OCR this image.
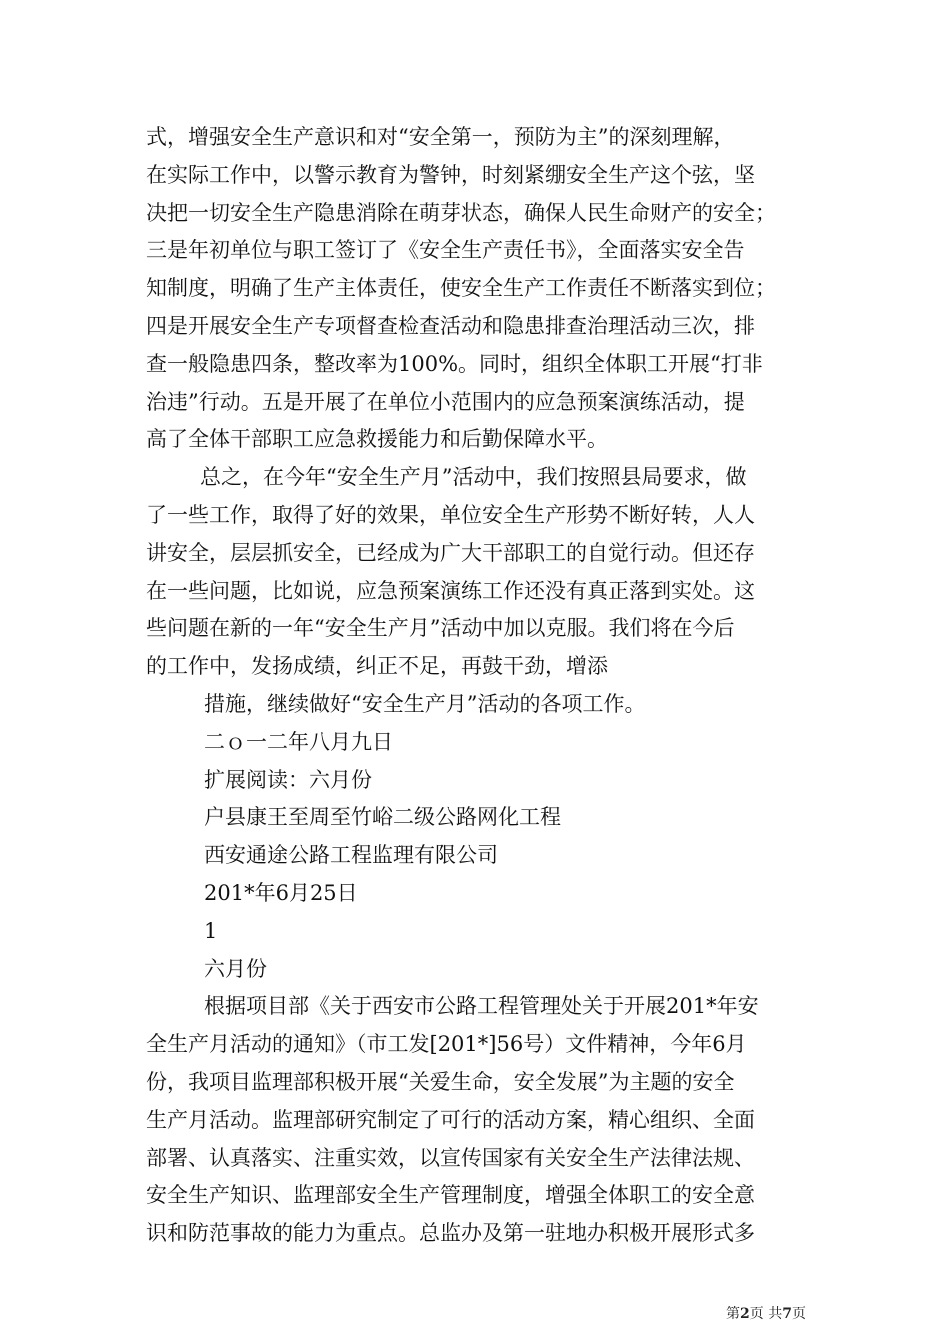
式，增强安全生产意识和对“安全第一，预防为主”的深刻理解，
在实际工作中，以警示教育为警钟，时刻紧绷安全生产这个弦，坚
决把一切安全生产隐患消除在萌芽状态，确保人民生命财产的安全；
三是年初单位与职工签订了《安全生产责任书》，全面落实安全告
知制度，明确了生产主体责任，使安全生产工作责任不断落实到位；
四是开展安全生产专项督查检查活动和隐患排查治理活动三次，排
查一般隐患四条，整改率为100%。同时，组织全体职工开展“打非
治违”行动。五是开展了在单位小范围内的应急预案演练活动，提
高了全体干部职工应急救援能力和后勤保障水平。
总之，在今年“安全生产月”活动中，我们按照县局要求，做
了一些工作，取得了好的效果，单位安全生产形势不断好转，人人
讲安全，层层抓安全，已经成为广大干部职工的自觉行动。但还存
在一些问题，比如说，应急预案演练工作还没有真正落到实处。这
些问题在新的一年“安全生产月”活动中加以克服。我们将在今后
的工作中，发扬成绩，纠正不足，再鼓干劲，增添
措施，继续做好“安全生产月”活动的各项工作。
二ｏ一二年八月九日
扩展阅读：六月份
户县康王至周至竹峪二级公路网化工程
西安通途公路工程监理有限公司
201*年6月25日
1
六月份
根据项目部《关于西安市公路工程管理处关于开展201*年安
全生产月活动的通知》（市工发[201*]56号）文件精神，今年6月
份，我项目监理部积极开展“关爱生命，安全发展”为主题的安全
生产月活动。监理部研究制定了可行的活动方案，精心组织、全面
部署、认真落实、注重实效，以宣传国家有关安全生产法律法规、
安全生产知识、监理部安全生产管理制度，增强全体职工的安全意
识和防范事故的能力为重点。总监办及第一驻地办积极开展形式多
第2页 共7页
